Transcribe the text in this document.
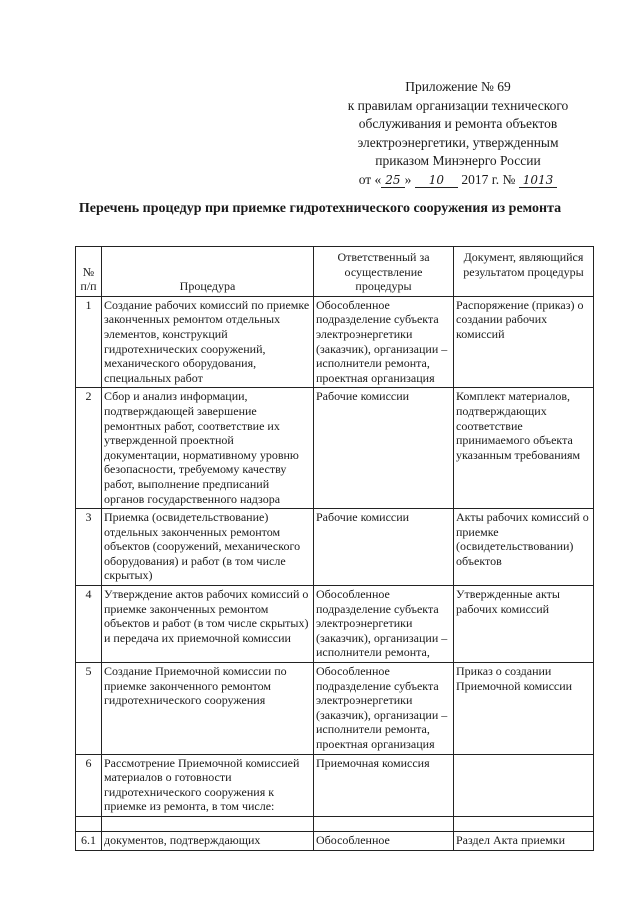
Приложение № 69
к правилам организации технического
обслуживания и ремонта объектов
электроэнергетики, утвержденным
приказом Минэнерго России
от « 25 » 10 2017 г. № 1013
Перечень процедур при приемке гидротехнического сооружения из ремонта
№ п/п	Процедура	Ответственный за осуществление процедуры	Документ, являющийся результатом процедуры
1	Создание рабочих комиссий по приемке законченных ремонтом отдельных элементов, конструкций гидротехнических сооружений, механического оборудования, специальных работ	Обособленное подразделение субъекта электроэнергетики (заказчик), организации – исполнители ремонта, проектная организация	Распоряжение (приказ) о создании рабочих комиссий
2	Сбор и анализ информации, подтверждающей завершение ремонтных работ, соответствие их утвержденной проектной документации, нормативному уровню безопасности, требуемому качеству работ, выполнение предписаний органов государственного надзора	Рабочие комиссии	Комплект материалов, подтверждающих соответствие принимаемого объекта указанным требованиям
3	Приемка (освидетельствование) отдельных законченных ремонтом объектов (сооружений, механического оборудования) и работ (в том числе скрытых)	Рабочие комиссии	Акты рабочих комиссий о приемке (освидетельствовании) объектов
4	Утверждение актов рабочих комиссий о приемке законченных ремонтом объектов и работ (в том числе скрытых) и передача их приемочной комиссии	Обособленное подразделение субъекта электроэнергетики (заказчик), организации – исполнители ремонта,	Утвержденные акты рабочих комиссий
5	Создание Приемочной комиссии по приемке законченного ремонтом гидротехнического сооружения	Обособленное подразделение субъекта электроэнергетики (заказчик), организации – исполнители ремонта, проектная организация	Приказ о создании Приемочной комиссии
6	Рассмотрение Приемочной комиссией материалов о готовности гидротехнического сооружения к приемке из ремонта, в том числе:	Приемочная комиссия	

6.1	документов, подтверждающих	Обособленное	Раздел Акта приемки
